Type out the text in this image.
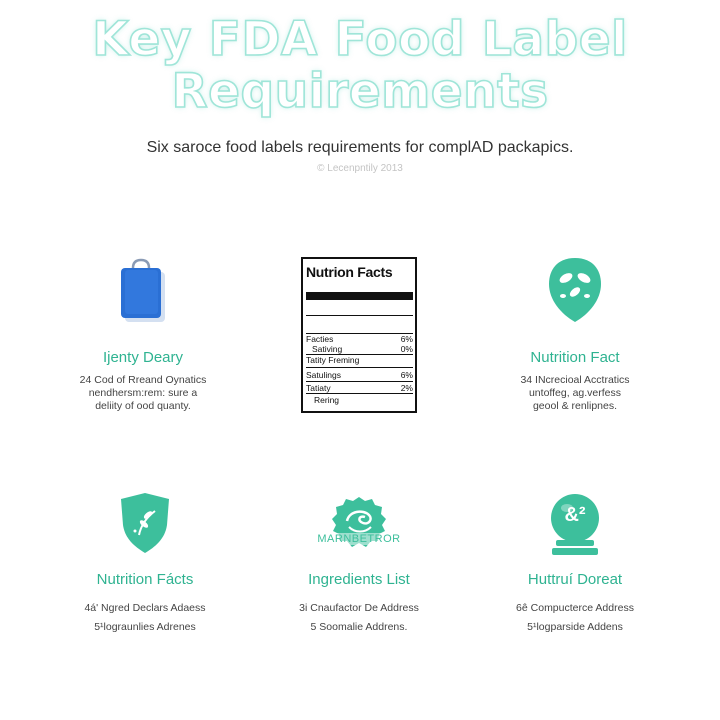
Key FDA Food Label
Requirements
Six saroce food labels requirements for complAD packapics.
© Lecenpntily 2013
Ijenty Deary

24 Cod of Rreand Oynatics
nendhersm:rem: sure a
deliity of ood quanty.

Nutrion Facts
Facties	6%
Sativing	0%
Tatity Freming
Satulings	6%
Tatiaty	2%
Rering
Nutrition Fact

34 INcrecioal Acctratics
untoffeg, ag.verfess
geool & renlipnes.

Nutrition Fácts

4á' Ngred Declars Adaess
5¹lograunlies Adrenes

MARNBETROR
Ingredients List

3i Cnaufactor De Address
5 Soomalie Addrens.

&²
Huttruí Doreat

6ê Compucterce Address
5¹logparside Addens
